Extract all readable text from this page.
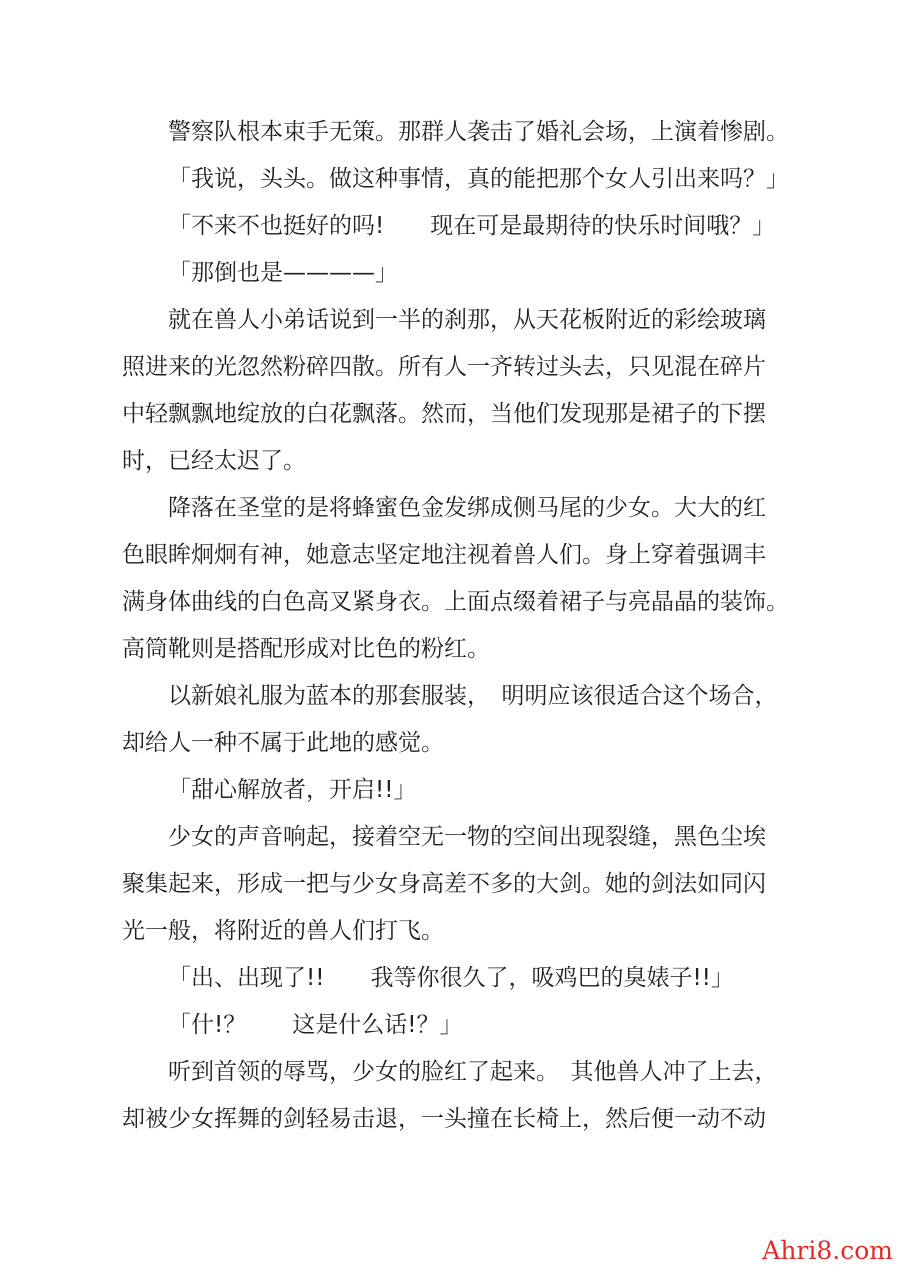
警察队根本束手无策。那群人袭击了婚礼会场，上演着惨剧。
「我说，头头。做这种事情，真的能把那个女人引出来吗？」
「不来不也挺好的吗!　　现在可是最期待的快乐时间哦？」
「那倒也是————」
就在兽人小弟话说到一半的刹那，从天花板附近的彩绘玻璃
照进来的光忽然粉碎四散。所有人一齐转过头去，只见混在碎片
中轻飘飘地绽放的白花飘落。然而，当他们发现那是裙子的下摆
时，已经太迟了。
降落在圣堂的是将蜂蜜色金发绑成侧马尾的少女。大大的红
色眼眸炯炯有神，她意志坚定地注视着兽人们。身上穿着强调丰
满身体曲线的白色高叉紧身衣。上面点缀着裙子与亮晶晶的装饰。
高筒靴则是搭配形成对比色的粉红。
以新娘礼服为蓝本的那套服装，　明明应该很适合这个场合，
却给人一种不属于此地的感觉。
「甜心解放者，开启!!」
少女的声音响起，接着空无一物的空间出现裂缝，黑色尘埃
聚集起来，形成一把与少女身高差不多的大剑。她的剑法如同闪
光一般，将附近的兽人们打飞。
「出、出现了!!　　我等你很久了，吸鸡巴的臭婊子!!」
「什!？　　这是什么话!？」
听到首领的辱骂，少女的脸红了起来。　其他兽人冲了上去，
却被少女挥舞的剑轻易击退，一头撞在长椅上，然后便一动不动
Ahri8.com
